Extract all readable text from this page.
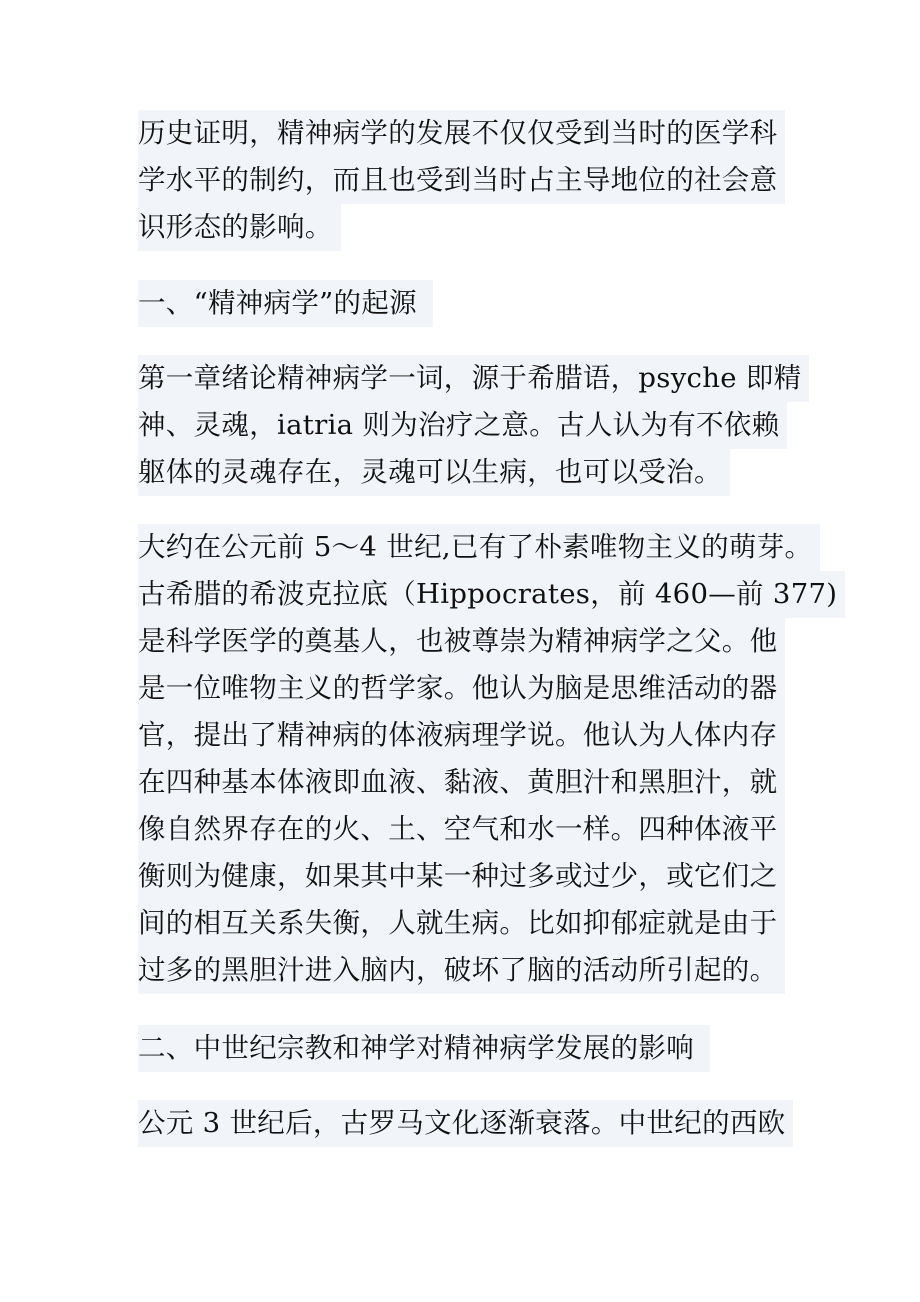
历史证明，精神病学的发展不仅仅受到当时的医学科
学水平的制约，而且也受到当时占主导地位的社会意
识形态的影响。
一、“精神病学”的起源
第一章绪论精神病学一词，源于希腊语，psyche 即精
神、灵魂，iatria 则为治疗之意。古人认为有不依赖
躯体的灵魂存在，灵魂可以生病，也可以受治。
大约在公元前 5～4 世纪,已有了朴素唯物主义的萌芽。
古希腊的希波克拉底（Hippocrates，前 460—前 377)
是科学医学的奠基人，也被尊崇为精神病学之父。他
是一位唯物主义的哲学家。他认为脑是思维活动的器
官，提出了精神病的体液病理学说。他认为人体内存
在四种基本体液即血液、黏液、黄胆汁和黑胆汁，就
像自然界存在的火、土、空气和水一样。四种体液平
衡则为健康，如果其中某一种过多或过少，或它们之
间的相互关系失衡，人就生病。比如抑郁症就是由于
过多的黑胆汁进入脑内，破坏了脑的活动所引起的。
二、中世纪宗教和神学对精神病学发展的影响
公元 3 世纪后，古罗马文化逐渐衰落。中世纪的西欧
